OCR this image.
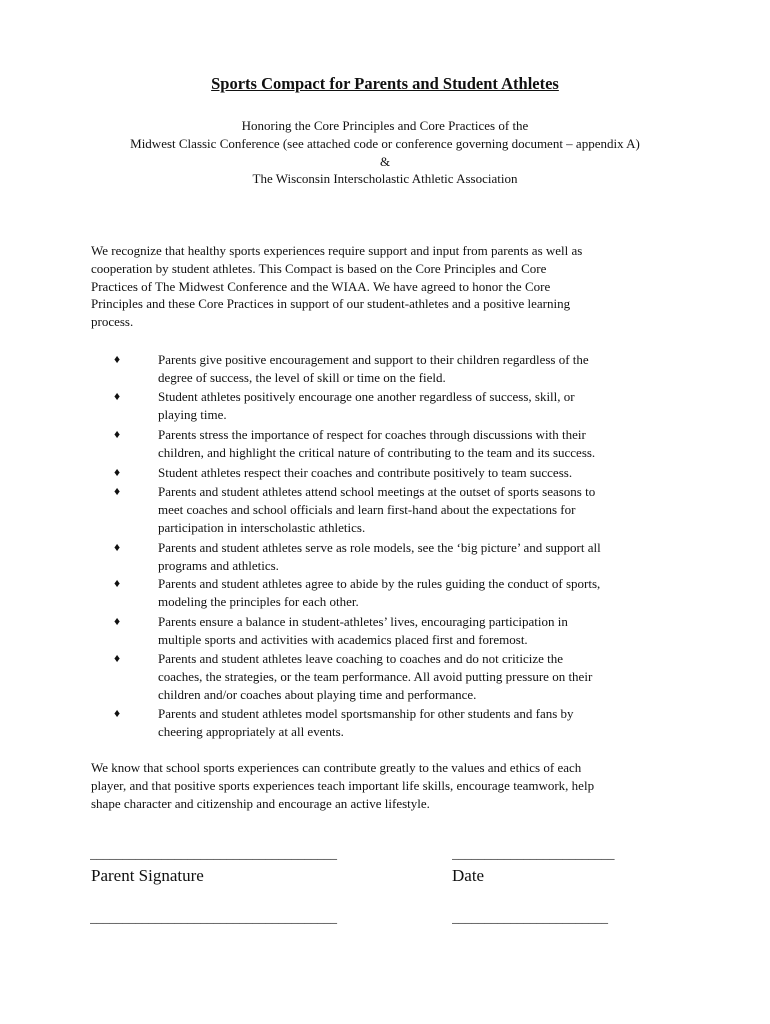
Sports Compact for Parents and Student Athletes
Honoring the Core Principles and Core Practices of the
Midwest Classic Conference (see attached code or conference governing document – appendix A)
&
The Wisconsin Interscholastic Athletic Association
We recognize that healthy sports experiences require support and input from parents as well as
cooperation by student athletes. This Compact is based on the Core Principles and Core
Practices of The Midwest Conference and the WIAA. We have agreed to honor the Core
Principles and these Core Practices in support of our student-athletes and a positive learning
process.
♦	Parents give positive encouragement and support to their children regardless of the
degree of success, the level of skill or time on the field.
♦	Student athletes positively encourage one another regardless of success, skill, or
playing time.
♦	Parents stress the importance of respect for coaches through discussions with their
children, and highlight the critical nature of contributing to the team and its success.
♦	Student athletes respect their coaches and contribute positively to team success.
♦	Parents and student athletes attend school meetings at the outset of sports seasons to
meet coaches and school officials and learn first-hand about the expectations for
participation in interscholastic athletics.
♦	Parents and student athletes serve as role models, see the ‘big picture’ and support all
programs and athletics.
♦	Parents and student athletes agree to abide by the rules guiding the conduct of sports,
modeling the principles for each other.
♦	Parents ensure a balance in student-athletes’ lives, encouraging participation in
multiple sports and activities with academics placed first and foremost.
♦	Parents and student athletes leave coaching to coaches and do not criticize the
coaches, the strategies, or the team performance. All avoid putting pressure on their
children and/or coaches about playing time and performance.
♦	Parents and student athletes model sportsmanship for other students and fans by
cheering appropriately at all events.
We know that school sports experiences can contribute greatly to the values and ethics of each
player, and that positive sports experiences teach important life skills, encourage teamwork, help
shape character and citizenship and encourage an active lifestyle.
______________________________________	_________________________
Parent Signature	Date
______________________________________	________________________
